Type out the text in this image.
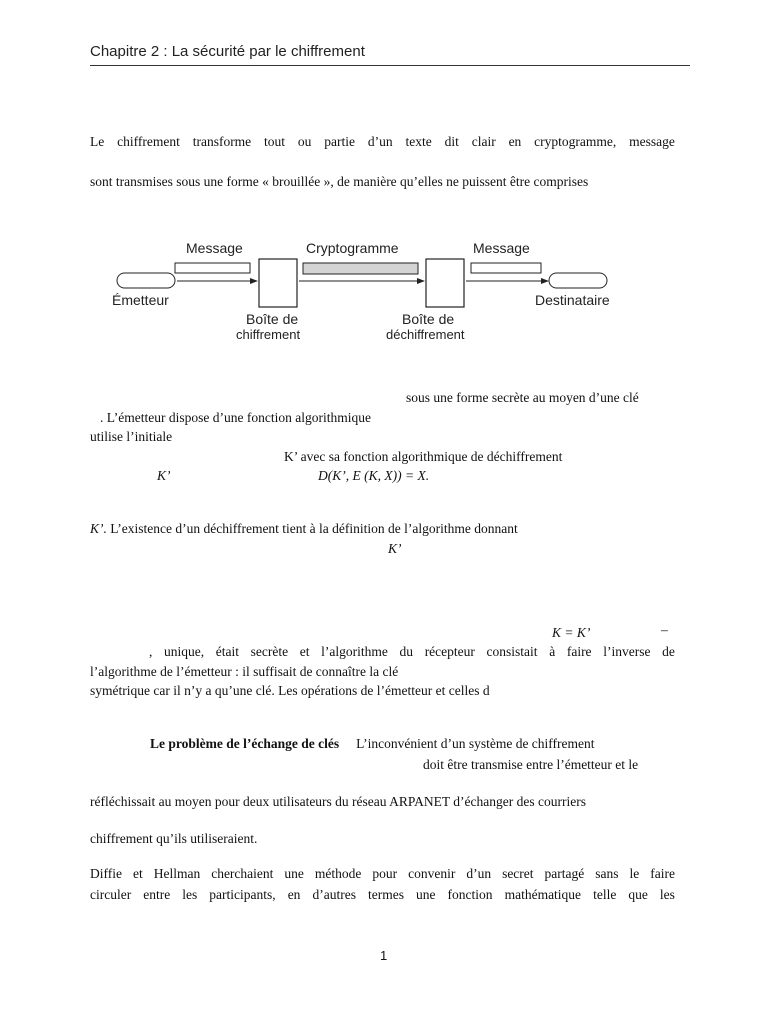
Chapitre 2 : La sécurité par le chiffrement
Le chiffrement transforme tout ou partie d’un texte dit clair en cryptogramme, message
sont transmises sous une forme « brouillée », de manière qu’elles ne puissent être comprises
Message	Cryptogramme	Message
Émetteur	Destinataire
Boîte de
chiffrement
Boîte de
déchiffrement
sous une forme secrète au moyen d’une clé
. L’émetteur dispose d’une fonction algorithmique
utilise l’initiale
K’ avec sa fonction algorithmique de déchiffrement
K’	D(K’, E (K, X)) = X.
K’. L’existence d’un déchiffrement tient à la définition de l’algorithme donnant
K’
K = K’	–
, unique, était secrète et l’algorithme du récepteur consistait à faire l’inverse de
l’algorithme de l’émetteur : il suffisait de connaître la clé
symétrique car il n’y a qu’une clé. Les opérations de l’émetteur et celles d
Le problème de l’échange de clés L’inconvénient d’un système de chiffrement
doit être transmise entre l’émetteur et le
réfléchissait au moyen pour deux utilisateurs du réseau ARPANET d’échanger des courriers
chiffrement qu’ils utiliseraient.
Diffie et Hellman cherchaient une méthode pour convenir d’un secret partagé sans le faire
circuler entre les participants, en d’autres termes une fonction mathématique telle que les
1
